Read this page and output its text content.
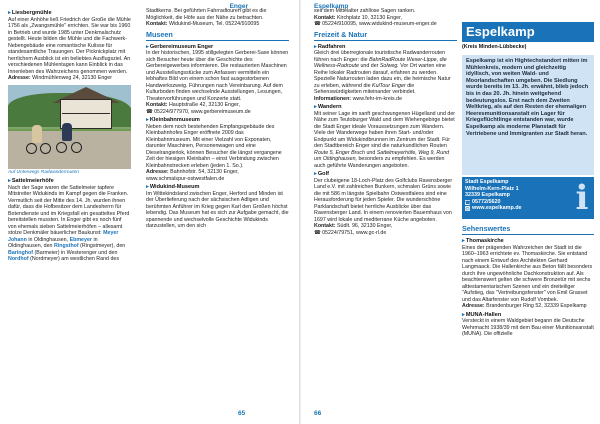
Enger
▸Liesbergmühle

Auf einer Anhöhe ließ Friedrich der Große die Mühle 1756 als „Zwangsmühle" errichten. Sie war bis 1960 in Betrieb und wurde 1985 unter Denkmalschutz gestellt. Heute bilden die Mühle und die Fachwerk-Nebengebäude eine romantische Kulisse für standesamtliche Trauungen. Der Picknickplatz mit herrlichem Ausblick ist ein beliebtes Ausflugsziel. An verschiedenen Mühlentagen kann Einblick in das Innenleben des Wahrzeichens genommen werden. Adresse: Windmühlenweg 24, 32130 Enger

Auf Unterwegs Radwanderrouten
▸Sattelmeierhöfe

Nach der Sage waren die Sattelmeier tapfere Mitstreiter Widukinds im Kampf gegen die Franken. Vermutlich seit der Mitte des 14. Jh. wurden ihnen dafür, dass die Hofbesitzer dem Landesherrn für Botendienste und im Kriegsfall ein gesatteltes Pferd bereitstellen mussten. In Enger gibt es noch fünf von ehemals sieben Sattelmeierhöfen – allesamt stolze Denkmäler bäuerlicher Baukunst: Meyer Johann in Oldinghausen, Ebmeyer in Oldinghausen, den Ringsthof (Ringstmeyer), den Baringhof (Barmeier) in Westerenger und den Nordhof (Nordmeyer) am westlichen Rand des

Stadtkerns. Bei geführten Fahrradtouren gibt es die Möglichkeit, die Höfe aus der Nähe zu betrachten.
Kontakt: Widukind-Museum, Tel. 05224/910095

Museen
▸Gerbereimuseum Enger

In der historischen, 1995 stillgelegten Gerberei-Saxe können sich Besucher heute über die Geschichte des Gerbereigewerbes informieren. Die restaurierten Maschinen und Ausstellungsstücke zum Anfassen vermitteln ein lebhaftes Bild von einem schon fast ausgestorbenen Handwerkszweig. Führungen nach Vereinbarung. Auf dem Kulturboden finden wechselnde Ausstellungen, Lesungen, Theatervorführungen und Konzerte statt.
Kontakt: Hauptstraße 42, 32130 Enger,
☎ 05224/977970, www.gerbereimuseum.de

▸Kleinbahnmuseum

Neben dem noch bestehenden Empfangsgebäude des Kleinbahnhofes Enger eröffnete 2009 das Kleinbahnmuseum. Mit einer Vielzahl von Exponaten, darunter Maschinen, Personenwagen und eine Dieselrangierlok, können Besucher die längst vergangene Zeit der hiesigen Kleinbahn – einst Verbindung zwischen Kleinbahnstrecken erleben (jeden 1. So.).
Adresse: Bahnhofstr. 54, 32130 Enger,
www.schmalspur-ostwestfalen.de

▸Widukind-Museum

Im Wittekindsland zwischen Enger, Herford und Minden ist der Überlieferung nach der sächsischen Adligen und berühmten Anführer im Krieg gegen Karl den Großen höchst lebendig. Das Museum hat es sich zur Aufgabe gemacht, die spannende und wechselvolle Geschichte Widukinds darzustellen, um den sich

65
Espelkamp

seit dem Mittelalter zahllose Sagen ranken.
Kontakt: Kirchplatz 10, 32130 Enger,
☎ 05224/910095, www.widukind-museum-enger.de

Freizeit & Natur
▸Radfahren

Gleich drei überregionale touristische Radwanderrouten führen nach Enger: die BahnRadRoute Weser-Lippe, die Wellness-Radroute und der Solweg. Vor Ort warten eine Reihe lokaler Radrouten darauf, erfahren zu werden. Spezielle Naturrouten laden dazu ein, die heimische Natur zu erleben, während die KulTour Enger die Sehenswürdigkeiten miteinander verbindet.
Informationen: www.fehr-im-kreis.de

▸Wandern

Mit seiner Lage im sanft geschwungenen Hügelland und der Nähe zum Teutoburger Wald und dem Wiehengebirge bietet die Stadt Enger ideale Voraussetzungen zum Wandern. Viele der Wanderwege haben ihren Start- und/oder Endpunkt am Widukindbrunnen im Zentrum der Stadt. Für den Stadtbereich Enger sind die naturkundlichen Routen Route 5, Enger Bruch und Sattelmeyerhöfe, Weg 9, Rund um Oldinghausen, besonders zu empfehlen. Es werden auch geführte Wanderungen angeboten.

▸Golf

Der clubeigene 18-Loch-Platz des Golfclubs Ravensberger Land e.V. mit zahlreichen Bunkern, schmalen Grüns sowie die mit 586 m längste Spielbahn Ostwestfalens sind eine Herausforderung für jeden Spieler. Die wunderschöne Parklandschaft bietet herrliche Ausblicke über das Ravensberger Land. In einem renovierten Bauernhaus von 1697 wird lokale und mediterrane Küche angeboten.
Kontakt: Südlt. 96, 32130 Enger,
☎ 05224/79751, www.gc-rl.de

Espelkamp
(Kreis Minden-Lübbecke)

Espelkamp ist ein Hightechstandort mitten im Mühlenkreis, modern und gleichzeitig idyllisch, von weiten Wald- und Moorlandschaften umgeben. Die Siedlung wurde bereits im 13. Jh. erwähnt, blieb jedoch bis in das 20. Jh. hinein weitgehend bedeutungslos. Erst nach dem Zweiten Weltkrieg, als auf den Resten der ehemaligen Heeresmunitionsanstalt ein Lager für Kriegsflüchtlinge entstanden war, wurde Espelkamp als moderne Planstadt für Vertriebene und Immigranten zur Stadt heran.

Stadt Espelkamp
Wilhelm-Kern-Platz 1
32339 Espelkamp
☎ 05772/5620
@ www.espelkamp.de i
Sehenswertes
▸Thomaskirche

Eines der prägenden Wahrzeichen der Stadt ist die 1960–1963 errichtete ev. Thomaskirche. Sie entstand nach einem Entwurf des Architekten Gerhard Langmaack. Die Hallenkirche aus Beton fällt besonders durch ihre ungewöhnliche Dachkonstruktion auf. Als beachtenswert gelten die schwere Bronzetür mit sechs alttestamentarischen Szenen und ein dreiteiliger "Aufstieg, das "Vertreibungsfenster" von Emil Grasset und das Altarfenster von Rudolf Vombek.
Adresse: Brandenburger Ring 52, 32339 Espelkamp

▸MUNA-Hallen

Versteckt in einem Waldgebiet begann die Deutsche Wehrmacht 1938/39 mit dem Bau einer Munitionsanstalt (MUNA). Die offizielle

66
